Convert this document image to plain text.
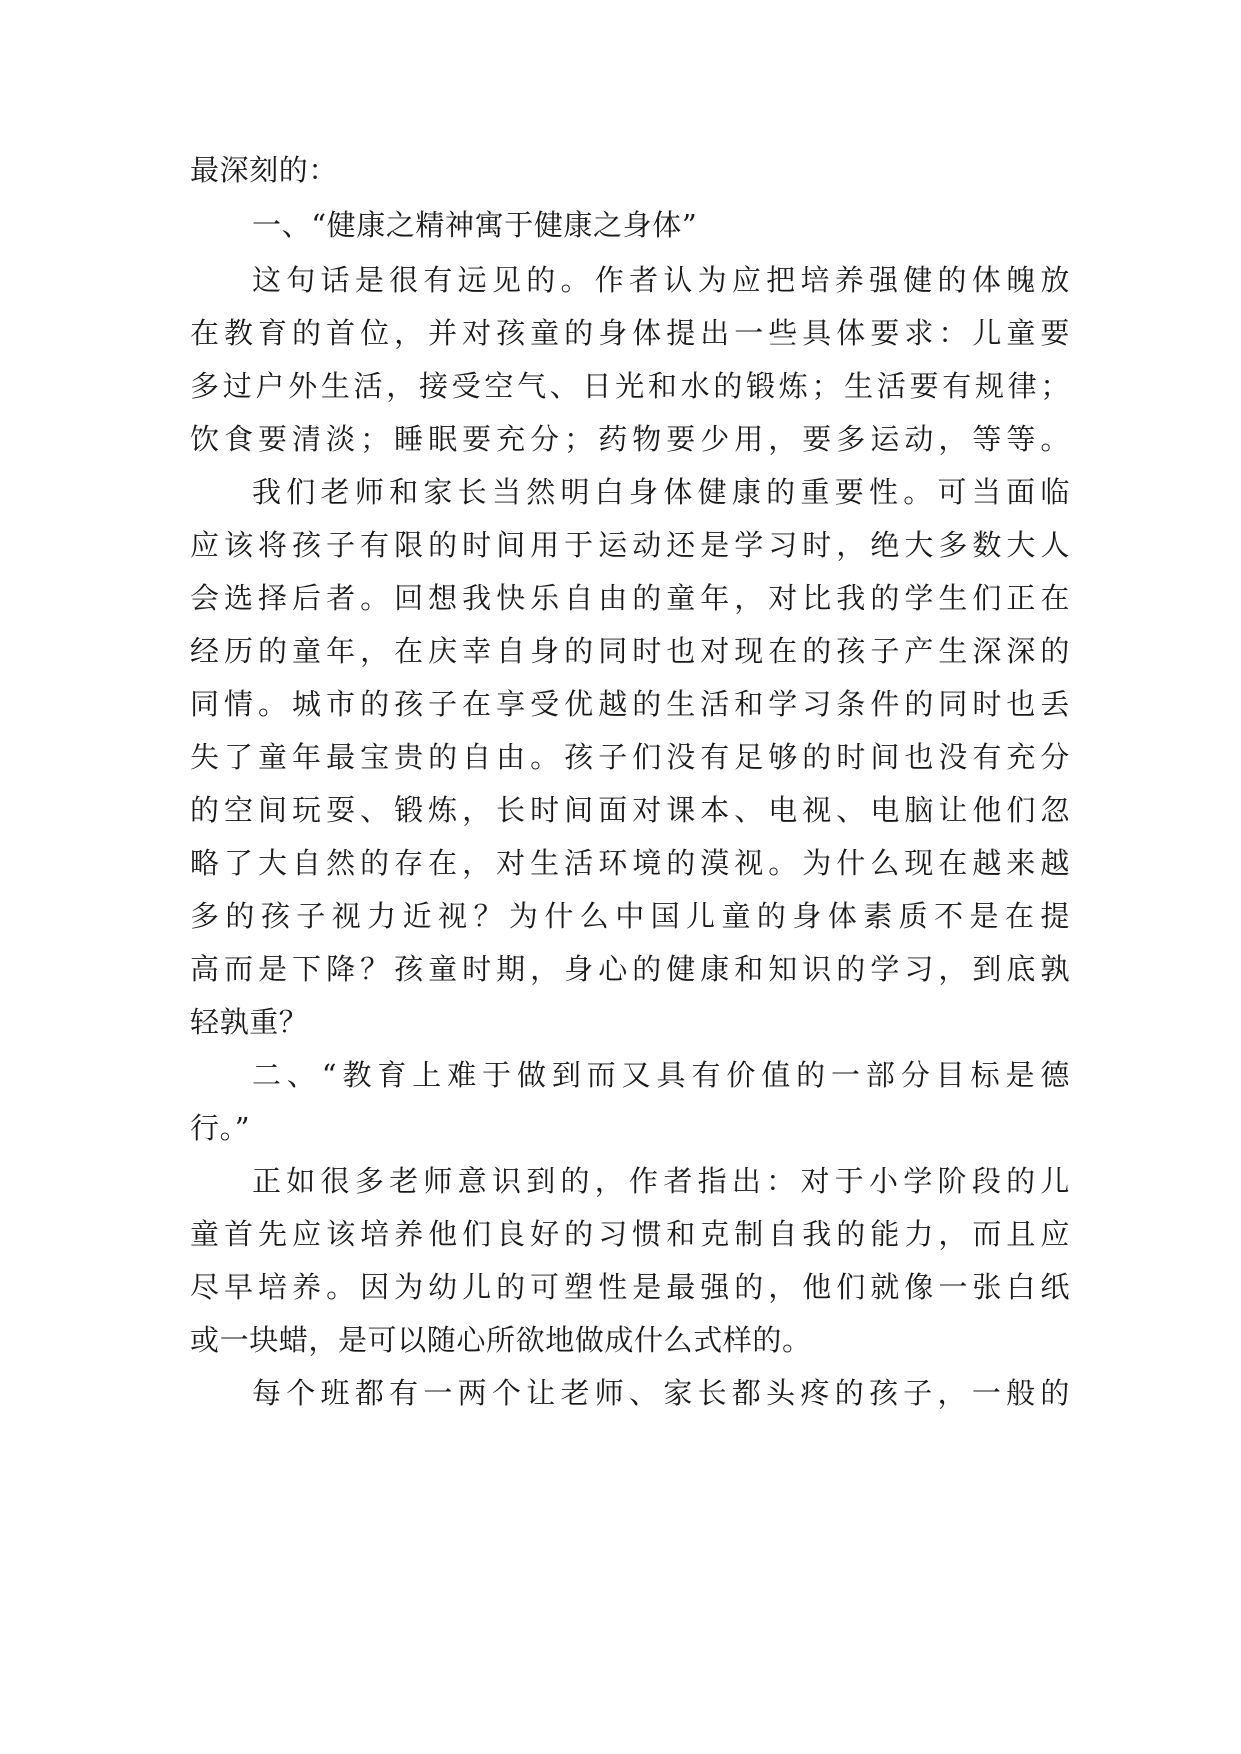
最深刻的：
一、“健康之精神寓于健康之身体”
这句话是很有远见的。作者认为应把培养强健的体魄放
在教育的首位，并对孩童的身体提出一些具体要求：儿童要
多过户外生活，接受空气、日光和水的锻炼；生活要有规律；
饮食要清淡；睡眠要充分；药物要少用，要多运动，等等。
我们老师和家长当然明白身体健康的重要性。可当面临
应该将孩子有限的时间用于运动还是学习时，绝大多数大人
会选择后者。回想我快乐自由的童年，对比我的学生们正在
经历的童年，在庆幸自身的同时也对现在的孩子产生深深的
同情。城市的孩子在享受优越的生活和学习条件的同时也丢
失了童年最宝贵的自由。孩子们没有足够的时间也没有充分
的空间玩耍、锻炼，长时间面对课本、电视、电脑让他们忽
略了大自然的存在，对生活环境的漠视。为什么现在越来越
多的孩子视力近视？为什么中国儿童的身体素质不是在提
高而是下降？孩童时期，身心的健康和知识的学习，到底孰
轻孰重？
二、“教育上难于做到而又具有价值的一部分目标是德
行。”
正如很多老师意识到的，作者指出：对于小学阶段的儿
童首先应该培养他们良好的习惯和克制自我的能力，而且应
尽早培养。因为幼儿的可塑性是最强的，他们就像一张白纸
或一块蜡，是可以随心所欲地做成什么式样的。
每个班都有一两个让老师、家长都头疼的孩子，一般的
